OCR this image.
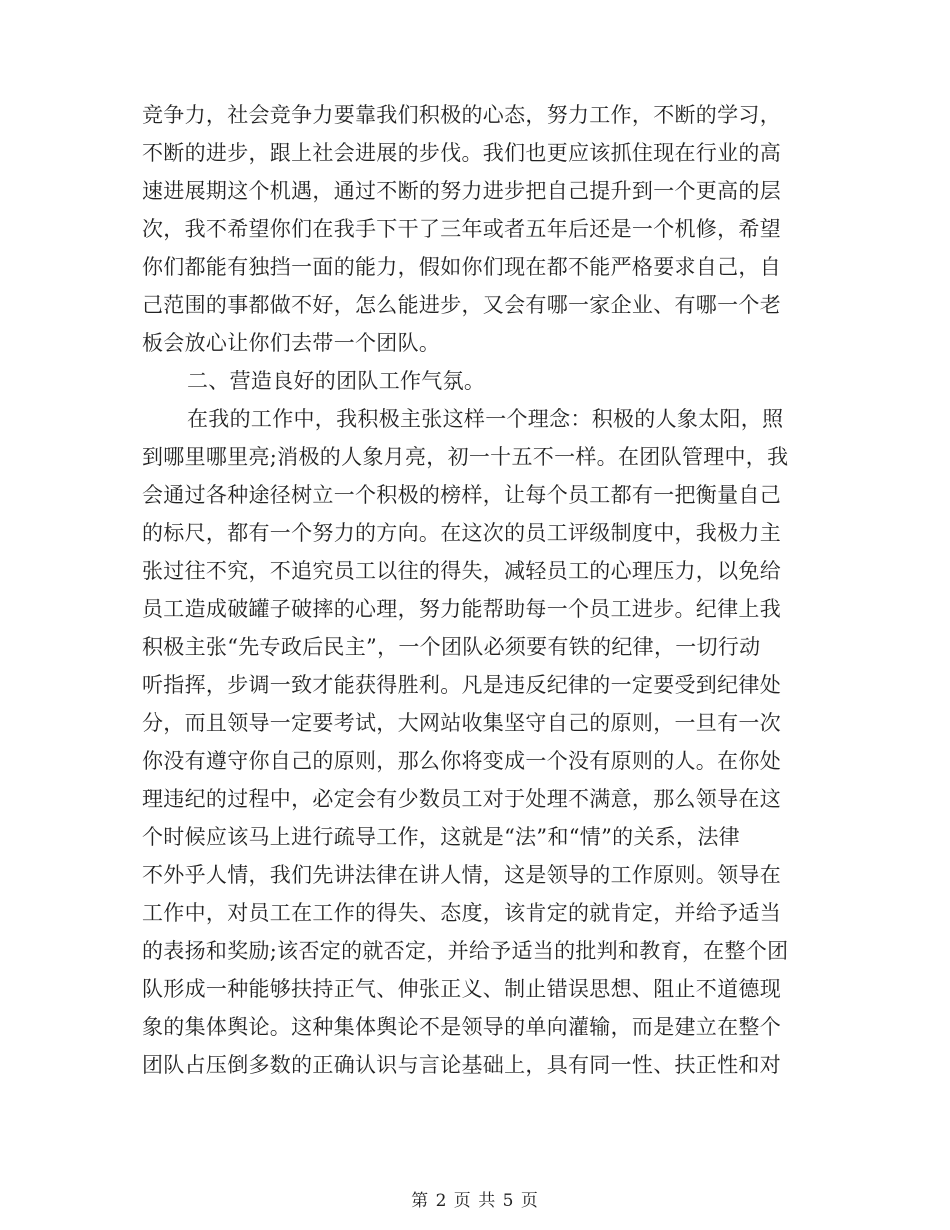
竞争力，社会竞争力要靠我们积极的心态，努力工作，不断的学习，
不断的进步，跟上社会进展的步伐。我们也更应该抓住现在行业的高
速进展期这个机遇，通过不断的努力进步把自己提升到一个更高的层
次，我不希望你们在我手下干了三年或者五年后还是一个机修，希望
你们都能有独挡一面的能力，假如你们现在都不能严格要求自己，自
己范围的事都做不好，怎么能进步，又会有哪一家企业、有哪一个老
板会放心让你们去带一个团队。
二、营造良好的团队工作气氛。
在我的工作中，我积极主张这样一个理念：积极的人象太阳，照
到哪里哪里亮;消极的人象月亮，初一十五不一样。在团队管理中，我
会通过各种途径树立一个积极的榜样，让每个员工都有一把衡量自己
的标尺，都有一个努力的方向。在这次的员工评级制度中，我极力主
张过往不究，不追究员工以往的得失，减轻员工的心理压力，以免给
员工造成破罐子破摔的心理，努力能帮助每一个员工进步。纪律上我
积极主张“先专政后民主”，一个团队必须要有铁的纪律，一切行动
听指挥，步调一致才能获得胜利。凡是违反纪律的一定要受到纪律处
分，而且领导一定要考试，大网站收集坚守自己的原则，一旦有一次
你没有遵守你自己的原则，那么你将变成一个没有原则的人。在你处
理违纪的过程中，必定会有少数员工对于处理不满意，那么领导在这
个时候应该马上进行疏导工作，这就是“法”和“情”的关系，法律
不外乎人情，我们先讲法律在讲人情，这是领导的工作原则。领导在
工作中，对员工在工作的得失、态度，该肯定的就肯定，并给予适当
的表扬和奖励;该否定的就否定，并给予适当的批判和教育，在整个团
队形成一种能够扶持正气、伸张正义、制止错误思想、阻止不道德现
象的集体舆论。这种集体舆论不是领导的单向灌输，而是建立在整个
团队占压倒多数的正确认识与言论基础上，具有同一性、扶正性和对
第 2 页 共 5 页
